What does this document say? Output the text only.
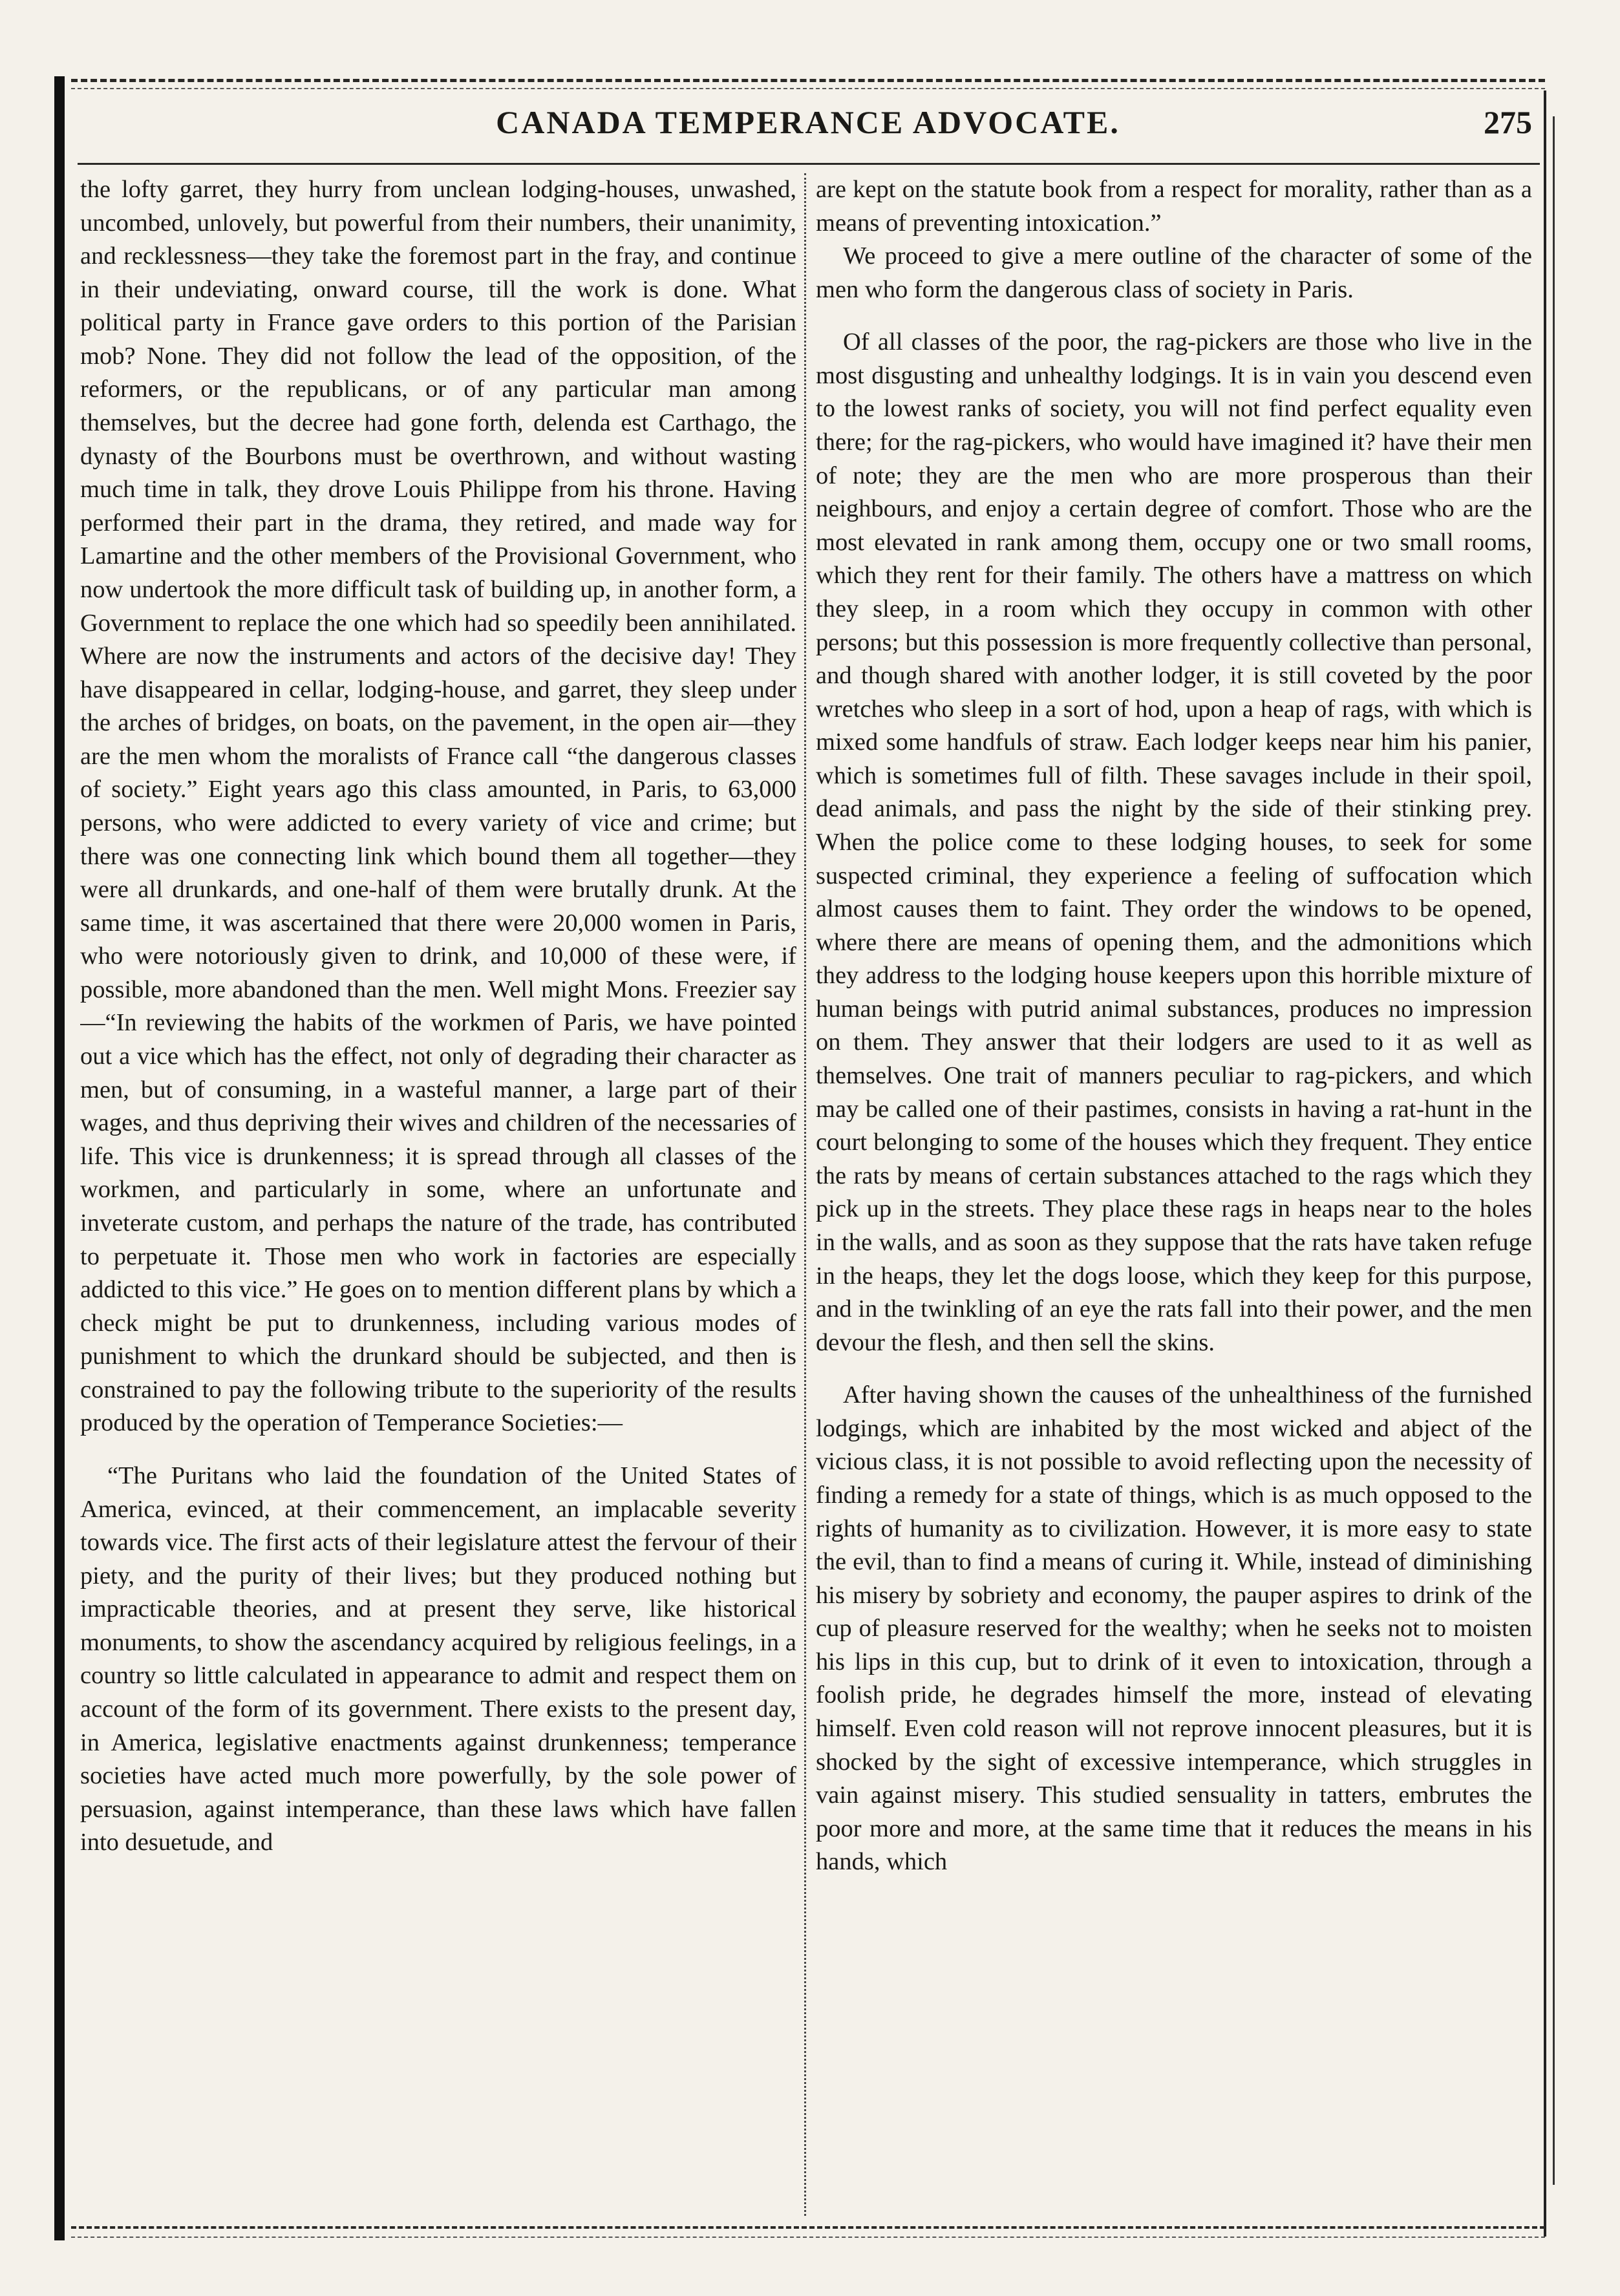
CANADA TEMPERANCE ADVOCATE.	275

the lofty garret, they hurry from unclean lodging-houses, unwashed, uncombed, unlovely, but powerful from their numbers, their unanimity, and recklessness—they take the foremost part in the fray, and continue in their undeviating, onward course, till the work is done. What political party in France gave orders to this portion of the Parisian mob? None. They did not follow the lead of the opposition, of the reformers, or the republicans, or of any particular man among themselves, but the decree had gone forth, delenda est Carthago, the dynasty of the Bourbons must be overthrown, and without wasting much time in talk, they drove Louis Philippe from his throne. Having performed their part in the drama, they retired, and made way for Lamartine and the other members of the Provisional Government, who now undertook the more difficult task of building up, in another form, a Government to replace the one which had so speedily been annihilated. Where are now the instruments and actors of the decisive day! They have disappeared in cellar, lodging-house, and garret, they sleep under the arches of bridges, on boats, on the pavement, in the open air—they are the men whom the moralists of France call “the dangerous classes of society.” Eight years ago this class amounted, in Paris, to 63,000 persons, who were addicted to every variety of vice and crime; but there was one connecting link which bound them all together—they were all drunkards, and one-half of them were brutally drunk. At the same time, it was ascertained that there were 20,000 women in Paris, who were notoriously given to drink, and 10,000 of these were, if possible, more abandoned than the men. Well might Mons. Freezier say—“In reviewing the habits of the workmen of Paris, we have pointed out a vice which has the effect, not only of degrading their character as men, but of consuming, in a wasteful manner, a large part of their wages, and thus depriving their wives and children of the necessaries of life. This vice is drunkenness; it is spread through all classes of the workmen, and particularly in some, where an unfortunate and inveterate custom, and perhaps the nature of the trade, has contributed to perpetuate it. Those men who work in factories are especially addicted to this vice.” He goes on to mention different plans by which a check might be put to drunkenness, including various modes of punishment to which the drunkard should be subjected, and then is constrained to pay the following tribute to the superiority of the results produced by the operation of Temperance Societies:—

“The Puritans who laid the foundation of the United States of America, evinced, at their commencement, an implacable severity towards vice. The first acts of their legislature attest the fervour of their piety, and the purity of their lives; but they produced nothing but impracticable theories, and at present they serve, like historical monuments, to show the ascendancy acquired by religious feelings, in a country so little calculated in appearance to admit and respect them on account of the form of its government. There exists to the present day, in America, legislative enactments against drunkenness; temperance societies have acted much more powerfully, by the sole power of persuasion, against intemperance, than these laws which have fallen into desuetude, and

are kept on the statute book from a respect for morality, rather than as a means of preventing intoxication.”

We proceed to give a mere outline of the character of some of the men who form the dangerous class of society in Paris.

Of all classes of the poor, the rag-pickers are those who live in the most disgusting and unhealthy lodgings. It is in vain you descend even to the lowest ranks of society, you will not find perfect equality even there; for the rag-pickers, who would have imagined it? have their men of note; they are the men who are more prosperous than their neighbours, and enjoy a certain degree of comfort. Those who are the most elevated in rank among them, occupy one or two small rooms, which they rent for their family. The others have a mattress on which they sleep, in a room which they occupy in common with other persons; but this possession is more frequently collective than personal, and though shared with another lodger, it is still coveted by the poor wretches who sleep in a sort of hod, upon a heap of rags, with which is mixed some handfuls of straw. Each lodger keeps near him his panier, which is sometimes full of filth. These savages include in their spoil, dead animals, and pass the night by the side of their stinking prey. When the police come to these lodging houses, to seek for some suspected criminal, they experience a feeling of suffocation which almost causes them to faint. They order the windows to be opened, where there are means of opening them, and the admonitions which they address to the lodging house keepers upon this horrible mixture of human beings with putrid animal substances, produces no impression on them. They answer that their lodgers are used to it as well as themselves. One trait of manners peculiar to rag-pickers, and which may be called one of their pastimes, consists in having a rat-hunt in the court belonging to some of the houses which they frequent. They entice the rats by means of certain substances attached to the rags which they pick up in the streets. They place these rags in heaps near to the holes in the walls, and as soon as they suppose that the rats have taken refuge in the heaps, they let the dogs loose, which they keep for this purpose, and in the twinkling of an eye the rats fall into their power, and the men devour the flesh, and then sell the skins.

After having shown the causes of the unhealthiness of the furnished lodgings, which are inhabited by the most wicked and abject of the vicious class, it is not possible to avoid reflecting upon the necessity of finding a remedy for a state of things, which is as much opposed to the rights of humanity as to civilization. However, it is more easy to state the evil, than to find a means of curing it. While, instead of diminishing his misery by sobriety and economy, the pauper aspires to drink of the cup of pleasure reserved for the wealthy; when he seeks not to moisten his lips in this cup, but to drink of it even to intoxication, through a foolish pride, he degrades himself the more, instead of elevating himself. Even cold reason will not reprove innocent pleasures, but it is shocked by the sight of excessive intemperance, which struggles in vain against misery. This studied sensuality in tatters, embrutes the poor more and more, at the same time that it reduces the means in his hands, which
